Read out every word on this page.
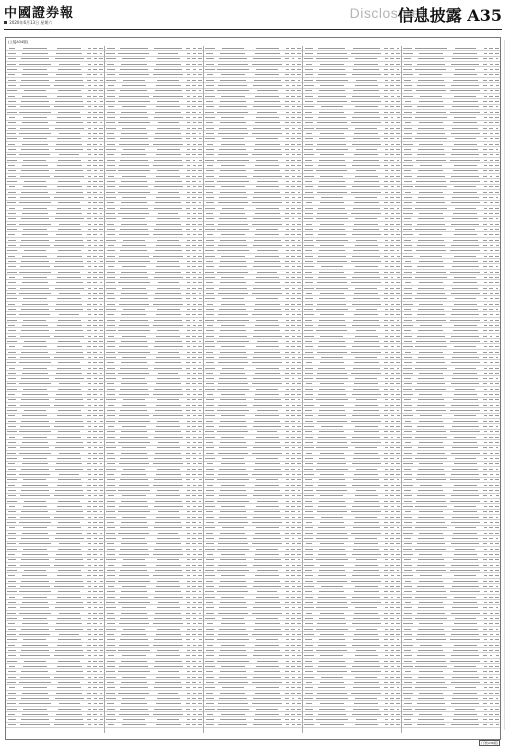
中國證券報
2020年6月13日 星期六
Disclosure
信息披露 A35
(上接A34版)
(下转A36版)
